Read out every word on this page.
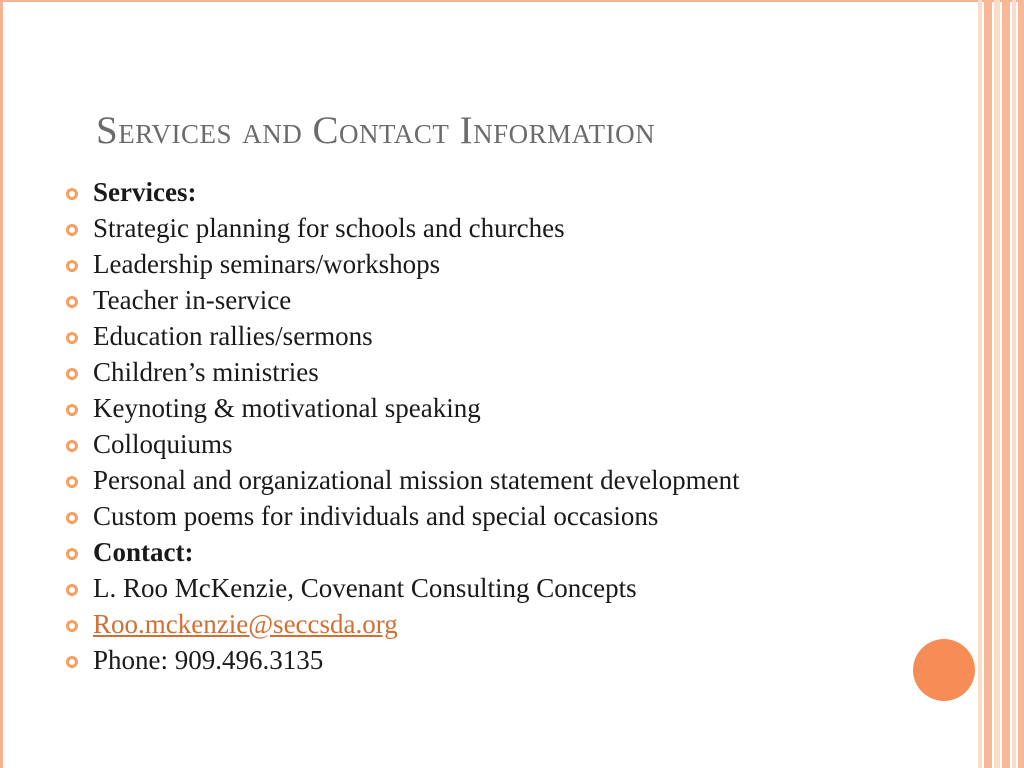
Services and Contact Information
Services:
Strategic planning for schools and churches
Leadership seminars/workshops
Teacher in-service
Education rallies/sermons
Children’s ministries
Keynoting & motivational speaking
Colloquiums
Personal and organizational mission statement development
Custom poems for individuals and special occasions
Contact:
L. Roo McKenzie, Covenant Consulting Concepts
Roo.mckenzie@seccsda.org
Phone: 909.496.3135
